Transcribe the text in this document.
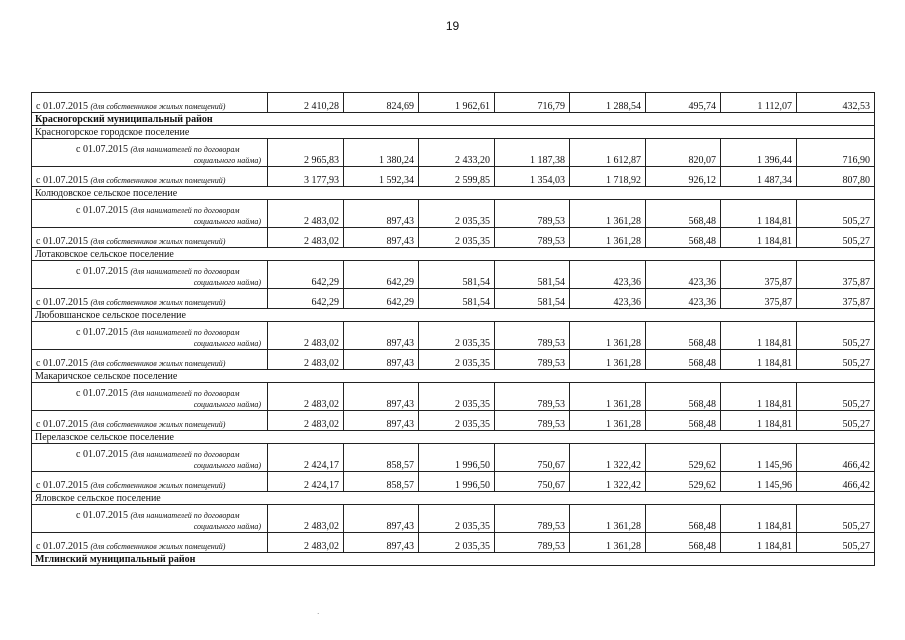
19
с 01.07.2015 (для собственников жилых помещений)	2 410,28	824,69	1 962,61	716,79	1 288,54	495,74	1 112,07	432,53
Красногорский муниципальный район								
Красногорское городское поселение								

с 01.07.2015 (для нанимателей по договорам
социального найма)	2 965,83	1 380,24	2 433,20	1 187,38	1 612,87	820,07	1 396,44	716,90
с 01.07.2015 (для собственников жилых помещений)	3 177,93	1 592,34	2 599,85	1 354,03	1 718,92	926,12	1 487,34	807,80
Колюдовское сельское поселение								

с 01.07.2015 (для нанимателей по договорам
социального найма)	2 483,02	897,43	2 035,35	789,53	1 361,28	568,48	1 184,81	505,27
с 01.07.2015 (для собственников жилых помещений)	2 483,02	897,43	2 035,35	789,53	1 361,28	568,48	1 184,81	505,27
Лотаковское сельское поселение								

с 01.07.2015 (для нанимателей по договорам
социального найма)	642,29	642,29	581,54	581,54	423,36	423,36	375,87	375,87
с 01.07.2015 (для собственников жилых помещений)	642,29	642,29	581,54	581,54	423,36	423,36	375,87	375,87
Любовшанское сельское поселение								

с 01.07.2015 (для нанимателей по договорам
социального найма)	2 483,02	897,43	2 035,35	789,53	1 361,28	568,48	1 184,81	505,27
с 01.07.2015 (для собственников жилых помещений)	2 483,02	897,43	2 035,35	789,53	1 361,28	568,48	1 184,81	505,27
Макаричское сельское поселение								

с 01.07.2015 (для нанимателей по договорам
социального найма)	2 483,02	897,43	2 035,35	789,53	1 361,28	568,48	1 184,81	505,27
с 01.07.2015 (для собственников жилых помещений)	2 483,02	897,43	2 035,35	789,53	1 361,28	568,48	1 184,81	505,27
Перелазское сельское поселение								

с 01.07.2015 (для нанимателей по договорам
социального найма)	2 424,17	858,57	1 996,50	750,67	1 322,42	529,62	1 145,96	466,42
с 01.07.2015 (для собственников жилых помещений)	2 424,17	858,57	1 996,50	750,67	1 322,42	529,62	1 145,96	466,42
Яловское сельское поселение								

с 01.07.2015 (для нанимателей по договорам
социального найма)	2 483,02	897,43	2 035,35	789,53	1 361,28	568,48	1 184,81	505,27
с 01.07.2015 (для собственников жилых помещений)	2 483,02	897,43	2 035,35	789,53	1 361,28	568,48	1 184,81	505,27
Мглинский муниципальный район								
·
